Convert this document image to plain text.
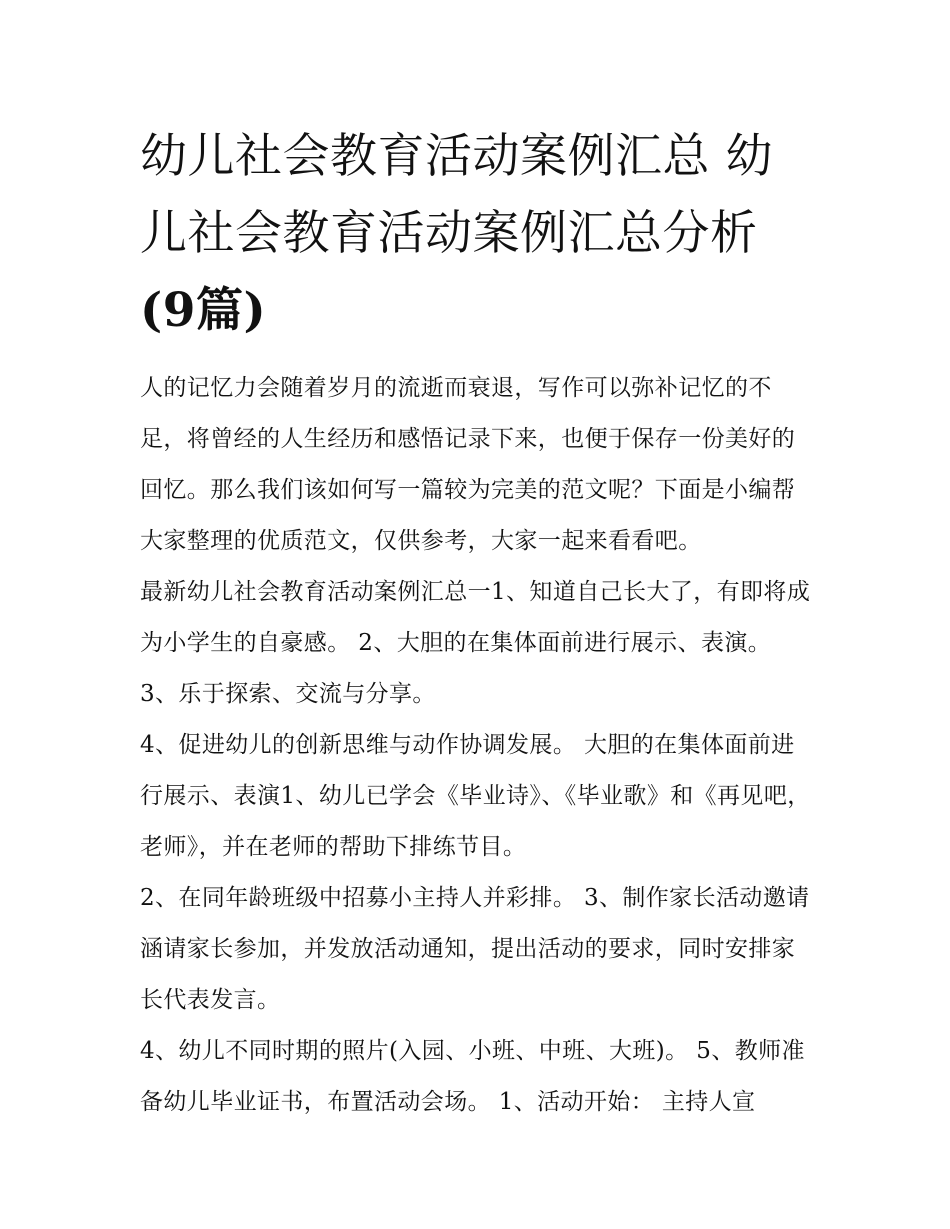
幼儿社会教育活动案例汇总 幼儿社会教育活动案例汇总分析(9篇)

人的记忆力会随着岁月的流逝而衰退，写作可以弥补记忆的不足，将曾经的人生经历和感悟记录下来，也便于保存一份美好的回忆。那么我们该如何写一篇较为完美的范文呢？下面是小编帮大家整理的优质范文，仅供参考，大家一起来看看吧。

最新幼儿社会教育活动案例汇总一1、知道自己长大了，有即将成为小学生的自豪感。 2、大胆的在集体面前进行展示、表演。 3、乐于探索、交流与分享。

4、促进幼儿的创新思维与动作协调发展。 大胆的在集体面前进行展示、表演1、幼儿已学会《毕业诗》、《毕业歌》和《再见吧，老师》，并在老师的帮助下排练节目。

2、在同年龄班级中招募小主持人并彩排。 3、制作家长活动邀请涵请家长参加，并发放活动通知，提出活动的要求，同时安排家长代表发言。

4、幼儿不同时期的照片(入园、小班、中班、大班)。 5、教师准备幼儿毕业证书，布置活动会场。 1、活动开始： 主持人宣
